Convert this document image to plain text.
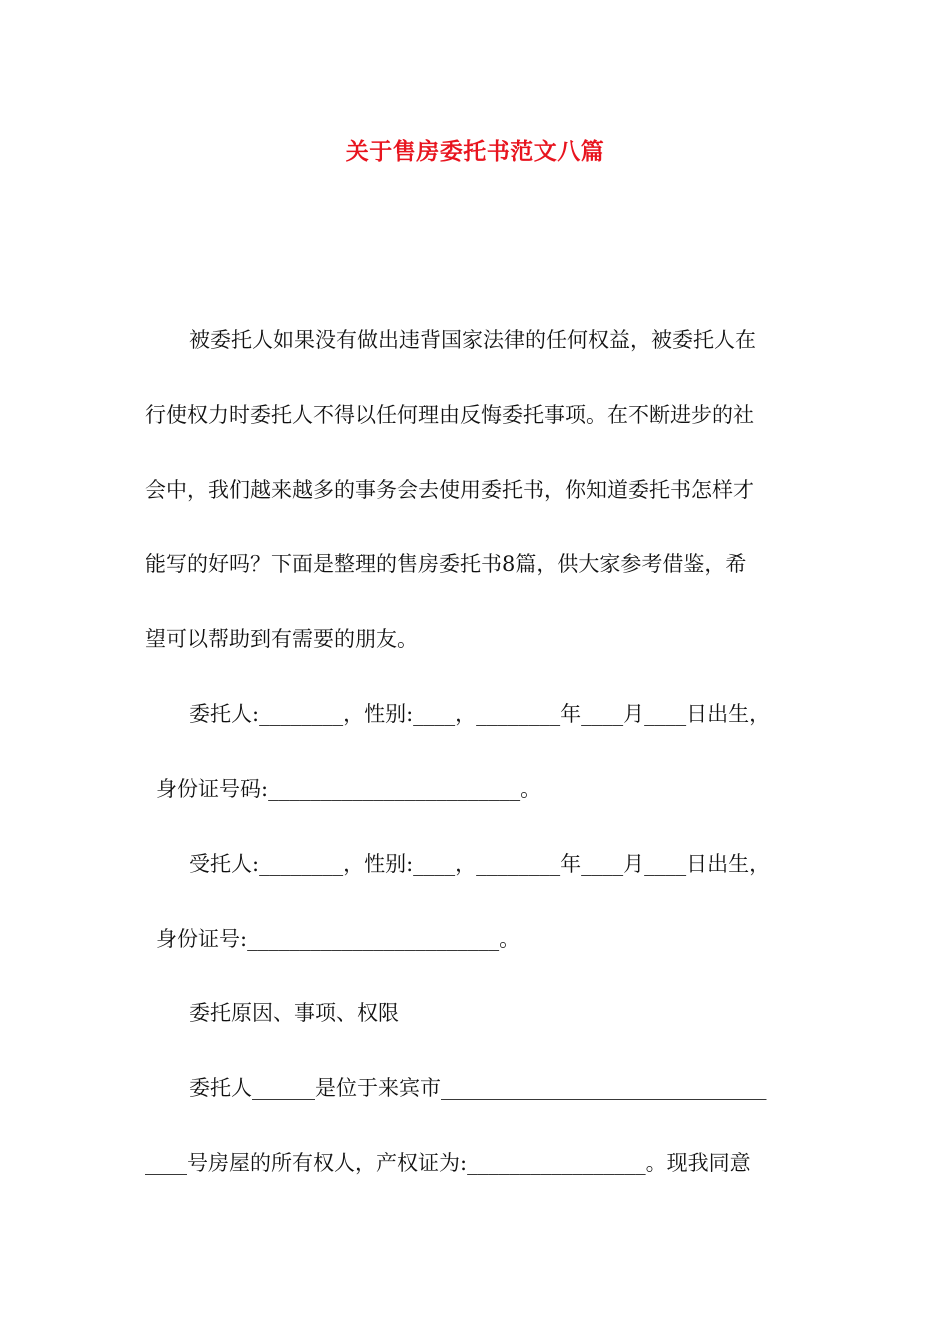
关于售房委托书范文八篇
被委托人如果没有做出违背国家法律的任何权益，被委托人在
行使权力时委托人不得以任何理由反悔委托事项。在不断进步的社
会中，我们越来越多的事务会去使用委托书，你知道委托书怎样才
能写的好吗？下面是整理的售房委托书8篇，供大家参考借鉴，希
望可以帮助到有需要的朋友。
委托人:________，性别:____，________年____月____日出生，
身份证号码:________________________。
受托人:________，性别:____，________年____月____日出生，
身份证号:________________________。
委托原因、事项、权限
委托人______是位于来宾市_______________________________
____号房屋的所有权人，产权证为:_________________。现我同意
